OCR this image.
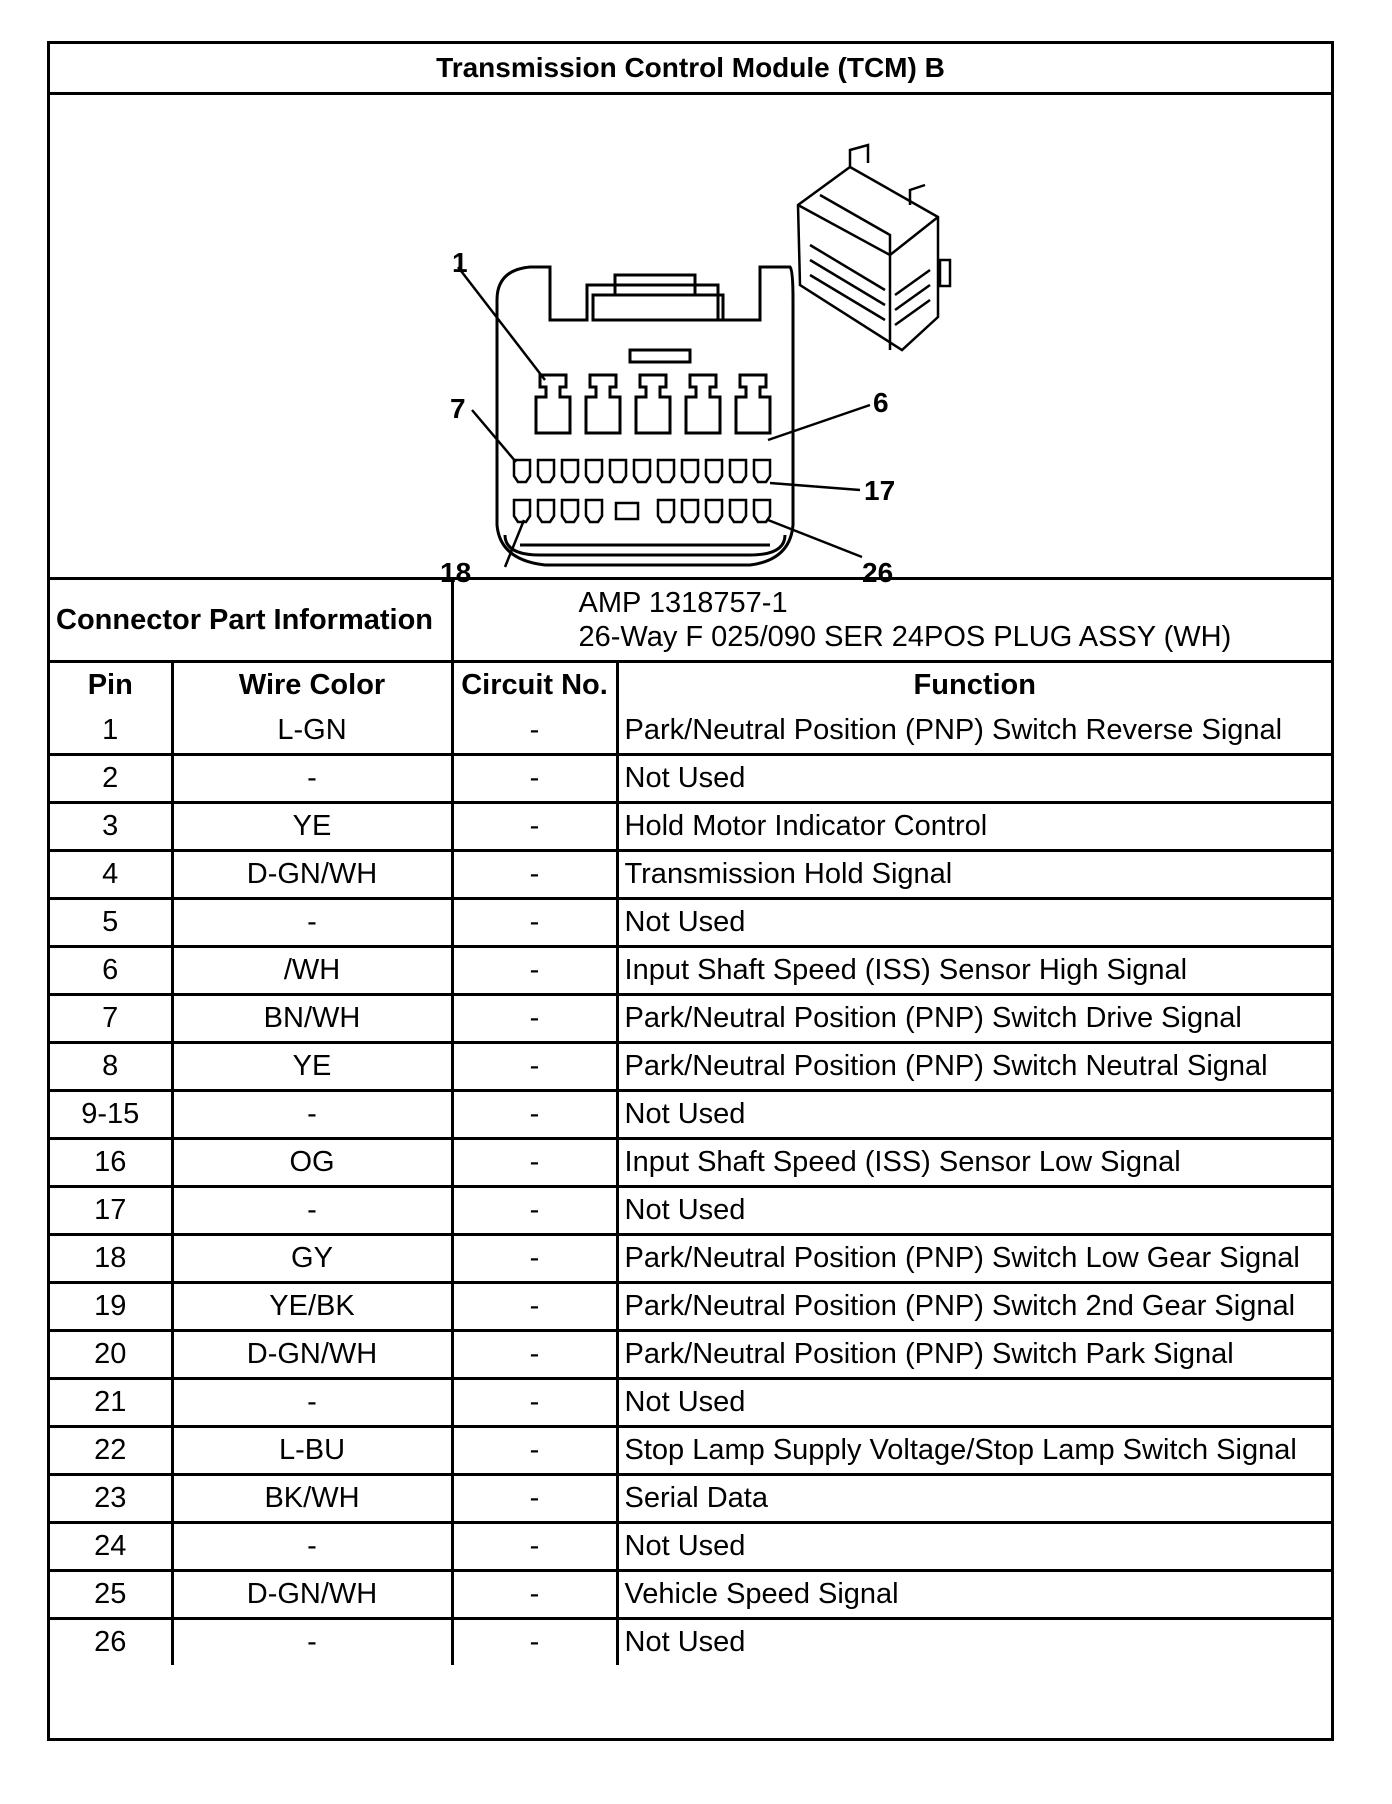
Transmission Control Module (TCM) B
1
6
7
17
18	26
Connector Part Information		AMP 1318757-1
26-Way F 025/090 SER 24POS PLUG ASSY (WH)	

Pin	Wire Color	Circuit No.	Function
1	L-GN	-	Park/Neutral Position (PNP) Switch Reverse Signal
2	-	-	Not Used
3	YE	-	Hold Motor Indicator Control
4	D-GN/WH	-	Transmission Hold Signal
5	-	-	Not Used
6	/WH	-	Input Shaft Speed (ISS) Sensor High Signal
7	BN/WH	-	Park/Neutral Position (PNP) Switch Drive Signal
8	YE	-	Park/Neutral Position (PNP) Switch Neutral Signal
9-15	-	-	Not Used
16	OG	-	Input Shaft Speed (ISS) Sensor Low Signal
17	-	-	Not Used
18	GY	-	Park/Neutral Position (PNP) Switch Low Gear Signal
19	YE/BK	-	Park/Neutral Position (PNP) Switch 2nd Gear Signal
20	D-GN/WH	-	Park/Neutral Position (PNP) Switch Park Signal
21	-	-	Not Used
22	L-BU	-	Stop Lamp Supply Voltage/Stop Lamp Switch Signal
23	BK/WH	-	Serial Data
24	-	-	Not Used
25	D-GN/WH	-	Vehicle Speed Signal
26	-	-	Not Used
